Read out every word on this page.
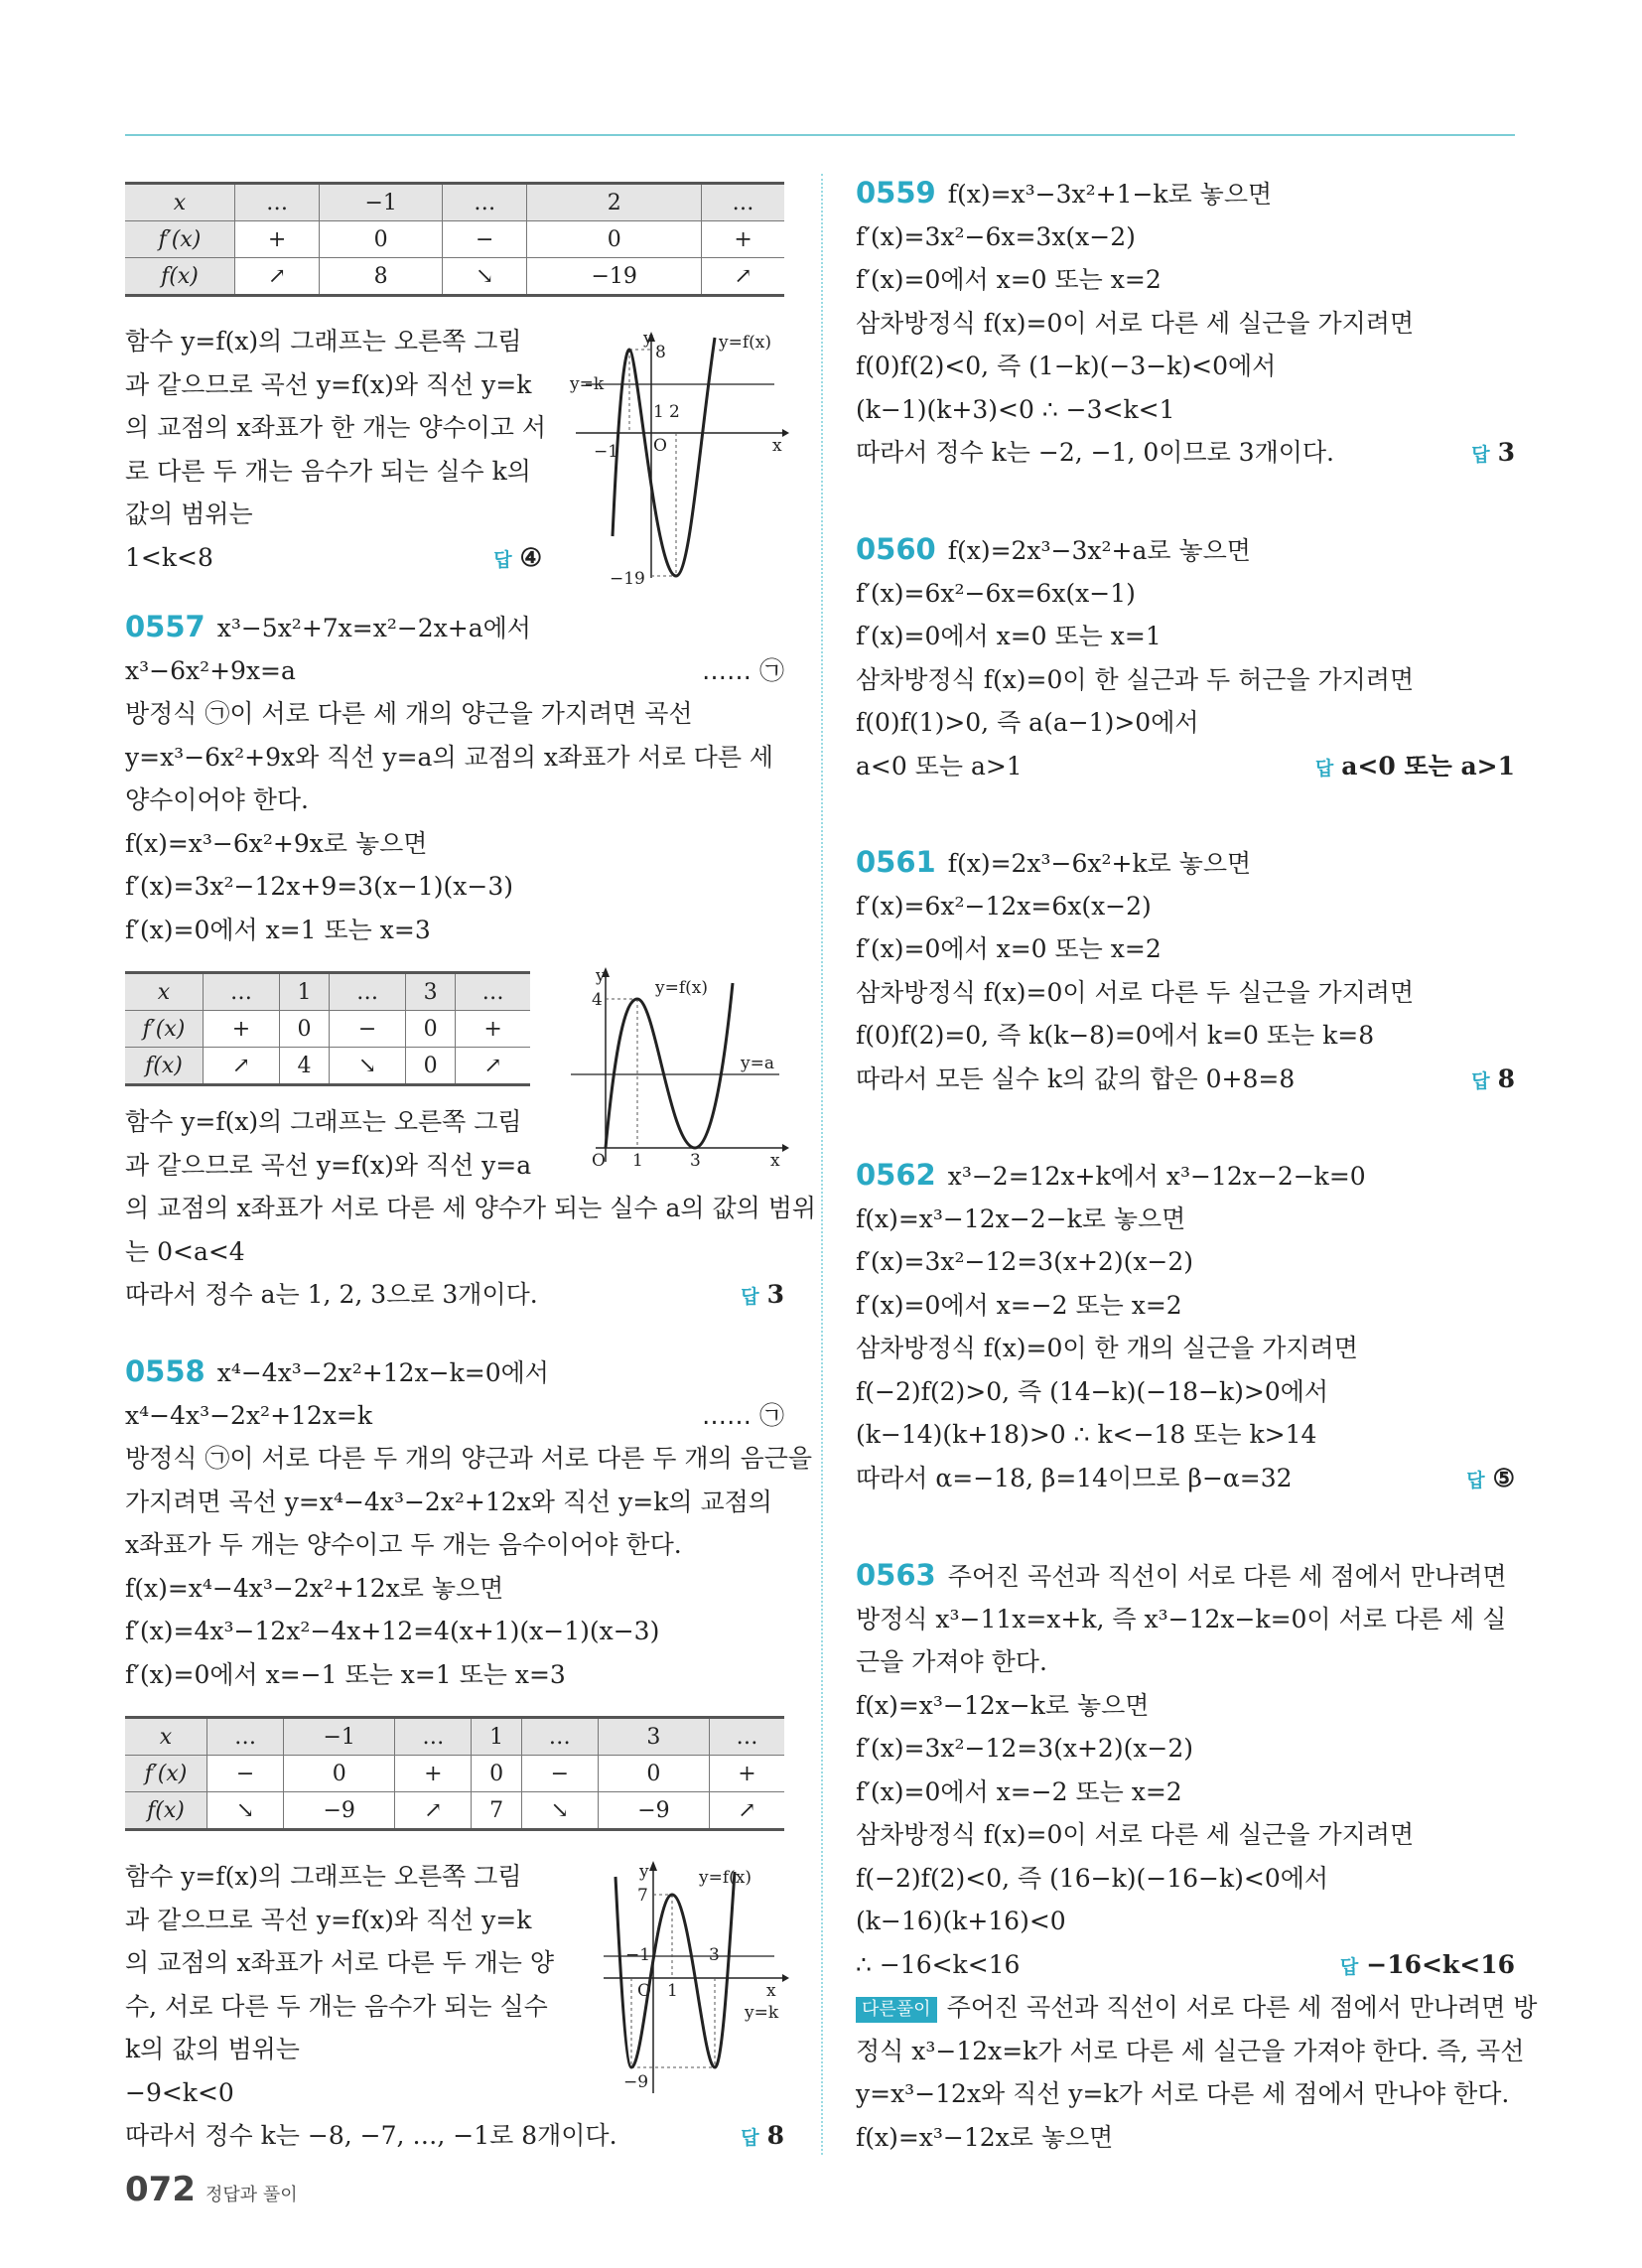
x	…	−1	…	2	…
f′(x)	+	0	−	0	+
f(x)	↗	8	↘	−19	↗
함수 y=f(x)의 그래프는 오른쪽 그림
과 같으므로 곡선 y=f(x)와 직선 y=k
의 교점의 x좌표가 한 개는 양수이고 서
로 다른 두 개는 음수가 되는 실수 k의
값의 범위는
1<k<8	답 ④
y	y=f(x)
8
y=k
1 2
O	x
−1
−19
0557 x³−5x²+7x=x²−2x+a에서
x³−6x²+9x=a	…… ㉠
방정식 ㉠이 서로 다른 세 개의 양근을 가지려면 곡선
y=x³−6x²+9x와 직선 y=a의 교점의 x좌표가 서로 다른 세
양수이어야 한다.
f(x)=x³−6x²+9x로 놓으면
f′(x)=3x²−12x+9=3(x−1)(x−3)
f′(x)=0에서 x=1 또는 x=3
x	…	1	…	3	…
f′(x)	+	0	−	0	+
f(x)	↗	4	↘	0	↗
y
y=f(x)
4
y=a
O 1	3	x
함수 y=f(x)의 그래프는 오른쪽 그림
과 같으므로 곡선 y=f(x)와 직선 y=a
의 교점의 x좌표가 서로 다른 세 양수가 되는 실수 a의 값의 범위
는 0<a<4
따라서 정수 a는 1, 2, 3으로 3개이다.	답 3
0558 x⁴−4x³−2x²+12x−k=0에서
x⁴−4x³−2x²+12x=k	…… ㉠
방정식 ㉠이 서로 다른 두 개의 양근과 서로 다른 두 개의 음근을
가지려면 곡선 y=x⁴−4x³−2x²+12x와 직선 y=k의 교점의
x좌표가 두 개는 양수이고 두 개는 음수이어야 한다.
f(x)=x⁴−4x³−2x²+12x로 놓으면
f′(x)=4x³−12x²−4x+12=4(x+1)(x−1)(x−3)
f′(x)=0에서 x=−1 또는 x=1 또는 x=3
x	…	−1	…	1	…	3	…
f′(x)	−	0	+	0	−	0	+
f(x)	↘	−9	↗	7	↘	−9	↗
함수 y=f(x)의 그래프는 오른쪽 그림
과 같으므로 곡선 y=f(x)와 직선 y=k
의 교점의 x좌표가 서로 다른 두 개는 양
수, 서로 다른 두 개는 음수가 되는 실수
k의 값의 범위는
−9<k<0
따라서 정수 k는 −8, −7, …, −1로 8개이다.	답 8
y	y=f(x)
7
−1	3
O 1	x
y=k
−9
0559 f(x)=x³−3x²+1−k로 놓으면
f′(x)=3x²−6x=3x(x−2)
f′(x)=0에서 x=0 또는 x=2
삼차방정식 f(x)=0이 서로 다른 세 실근을 가지려면
f(0)f(2)<0, 즉 (1−k)(−3−k)<0에서
(k−1)(k+3)<0 ∴ −3<k<1
따라서 정수 k는 −2, −1, 0이므로 3개이다.	답 3
0560 f(x)=2x³−3x²+a로 놓으면
f′(x)=6x²−6x=6x(x−1)
f′(x)=0에서 x=0 또는 x=1
삼차방정식 f(x)=0이 한 실근과 두 허근을 가지려면
f(0)f(1)>0, 즉 a(a−1)>0에서
a<0 또는 a>1	답 a<0 또는 a>1
0561 f(x)=2x³−6x²+k로 놓으면
f′(x)=6x²−12x=6x(x−2)
f′(x)=0에서 x=0 또는 x=2
삼차방정식 f(x)=0이 서로 다른 두 실근을 가지려면
f(0)f(2)=0, 즉 k(k−8)=0에서 k=0 또는 k=8
따라서 모든 실수 k의 값의 합은 0+8=8	답 8
0562 x³−2=12x+k에서 x³−12x−2−k=0
f(x)=x³−12x−2−k로 놓으면
f′(x)=3x²−12=3(x+2)(x−2)
f′(x)=0에서 x=−2 또는 x=2
삼차방정식 f(x)=0이 한 개의 실근을 가지려면
f(−2)f(2)>0, 즉 (14−k)(−18−k)>0에서
(k−14)(k+18)>0 ∴ k<−18 또는 k>14
따라서 α=−18, β=14이므로 β−α=32	답 ⑤
0563 주어진 곡선과 직선이 서로 다른 세 점에서 만나려면
방정식 x³−11x=x+k, 즉 x³−12x−k=0이 서로 다른 세 실
근을 가져야 한다.
f(x)=x³−12x−k로 놓으면
f′(x)=3x²−12=3(x+2)(x−2)
f′(x)=0에서 x=−2 또는 x=2
삼차방정식 f(x)=0이 서로 다른 세 실근을 가지려면
f(−2)f(2)<0, 즉 (16−k)(−16−k)<0에서
(k−16)(k+16)<0
∴ −16<k<16	답 −16<k<16
다른풀이 주어진 곡선과 직선이 서로 다른 세 점에서 만나려면 방
정식 x³−12x=k가 서로 다른 세 실근을 가져야 한다. 즉, 곡선
y=x³−12x와 직선 y=k가 서로 다른 세 점에서 만나야 한다.
f(x)=x³−12x로 놓으면
072 정답과 풀이
